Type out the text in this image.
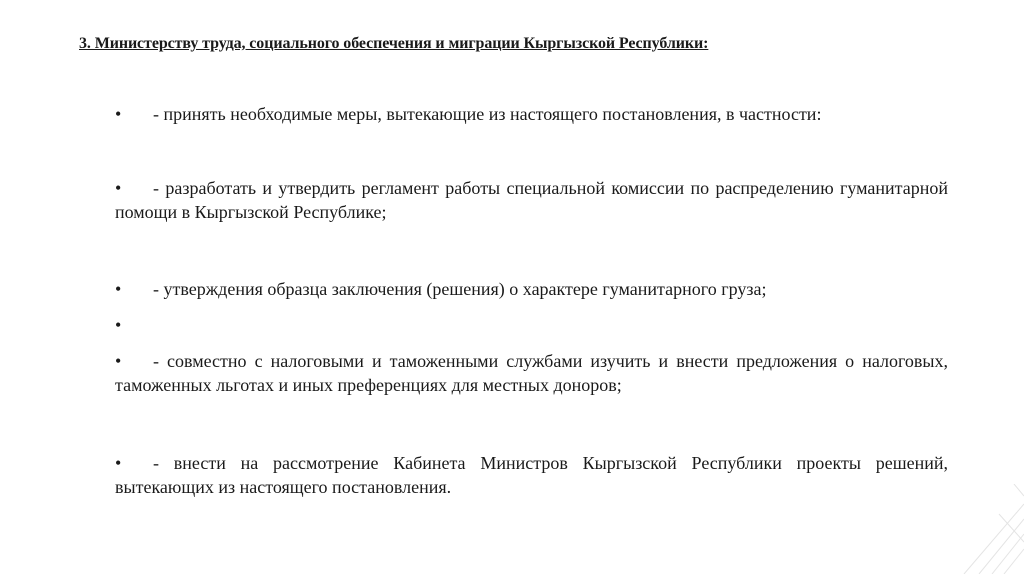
3. Министерству труда, социального обеспечения и миграции Кыргызской Республики:
• - принять необходимые меры, вытекающие из настоящего постановления, в частности:
• - разработать и утвердить регламент работы специальной комиссии по распределению гуманитарной помощи в Кыргызской Республике;
• - утверждения образца заключения (решения) о характере гуманитарного груза;
•
• - совместно с налоговыми и таможенными службами изучить и внести предложения о налоговых, таможенных льготах и иных преференциях для местных доноров;
• - внести на рассмотрение Кабинета Министров Кыргызской Республики проекты решений, вытекающих из настоящего постановления.
